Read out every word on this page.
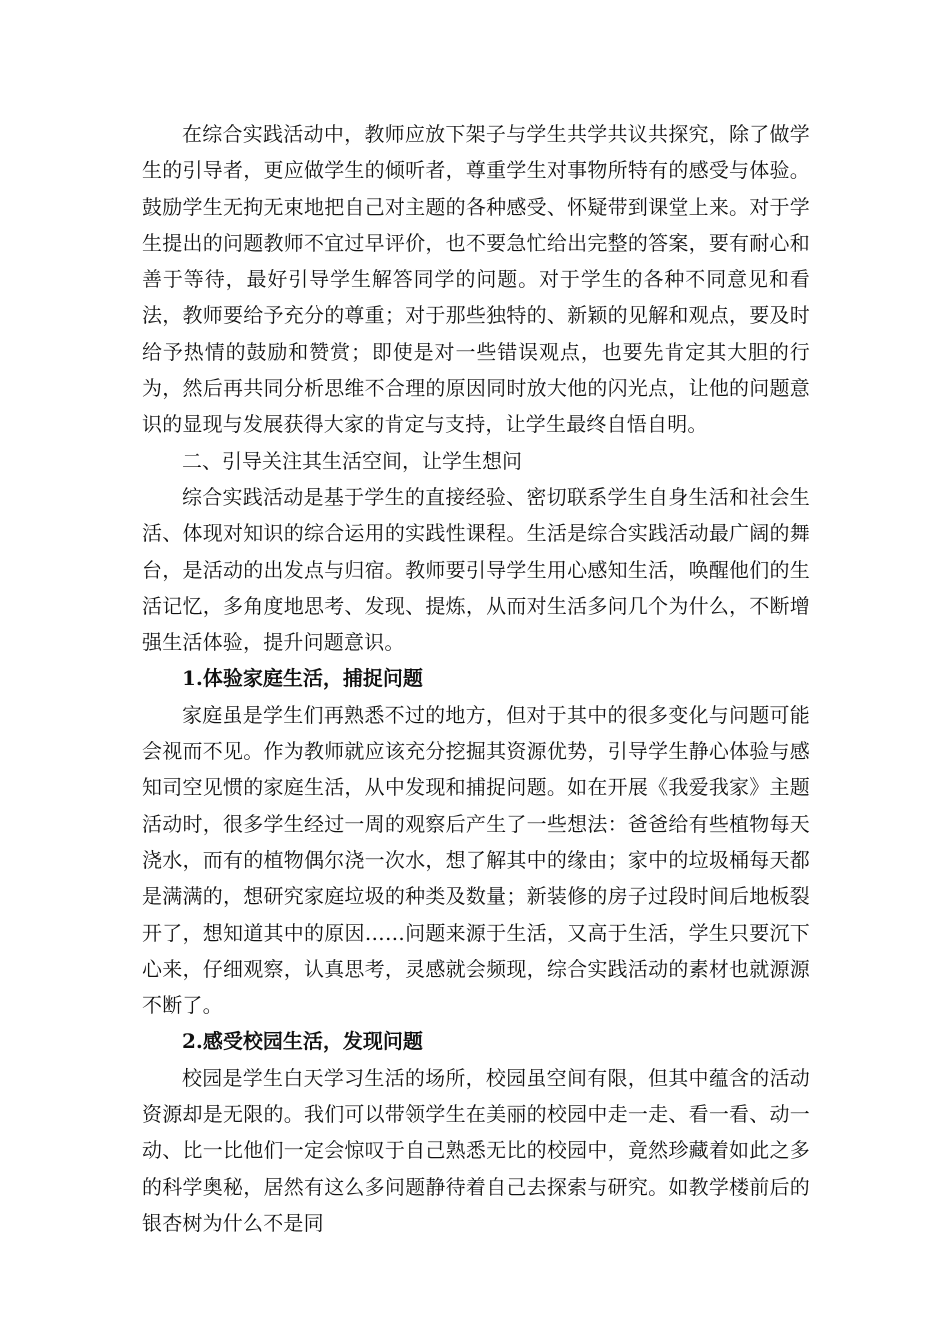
在综合实践活动中，教师应放下架子与学生共学共议共探究，除了做学生的引导者，更应做学生的倾听者，尊重学生对事物所特有的感受与体验。鼓励学生无拘无束地把自己对主题的各种感受、怀疑带到课堂上来。对于学生提出的问题教师不宜过早评价，也不要急忙给出完整的答案，要有耐心和善于等待，最好引导学生解答同学的问题。对于学生的各种不同意见和看法，教师要给予充分的尊重；对于那些独特的、新颖的见解和观点，要及时给予热情的鼓励和赞赏；即使是对一些错误观点，也要先肯定其大胆的行为，然后再共同分析思维不合理的原因同时放大他的闪光点，让他的问题意识的显现与发展获得大家的肯定与支持，让学生最终自悟自明。

二、引导关注其生活空间，让学生想问

综合实践活动是基于学生的直接经验、密切联系学生自身生活和社会生活、体现对知识的综合运用的实践性课程。生活是综合实践活动最广阔的舞台，是活动的出发点与归宿。教师要引导学生用心感知生活，唤醒他们的生活记忆，多角度地思考、发现、提炼，从而对生活多问几个为什么，不断增强生活体验，提升问题意识。

1.体验家庭生活，捕捉问题

家庭虽是学生们再熟悉不过的地方，但对于其中的很多变化与问题可能会视而不见。作为教师就应该充分挖掘其资源优势，引导学生静心体验与感知司空见惯的家庭生活，从中发现和捕捉问题。如在开展《我爱我家》主题活动时，很多学生经过一周的观察后产生了一些想法：爸爸给有些植物每天浇水，而有的植物偶尔浇一次水，想了解其中的缘由；家中的垃圾桶每天都是满满的，想研究家庭垃圾的种类及数量；新装修的房子过段时间后地板裂开了，想知道其中的原因……问题来源于生活，又高于生活，学生只要沉下心来，仔细观察，认真思考，灵感就会频现，综合实践活动的素材也就源源不断了。

2.感受校园生活，发现问题

校园是学生白天学习生活的场所，校园虽空间有限，但其中蕴含的活动资源却是无限的。我们可以带领学生在美丽的校园中走一走、看一看、动一动、比一比他们一定会惊叹于自己熟悉无比的校园中，竟然珍藏着如此之多的科学奥秘，居然有这么多问题静待着自己去探索与研究。如教学楼前后的银杏树为什么不是同
